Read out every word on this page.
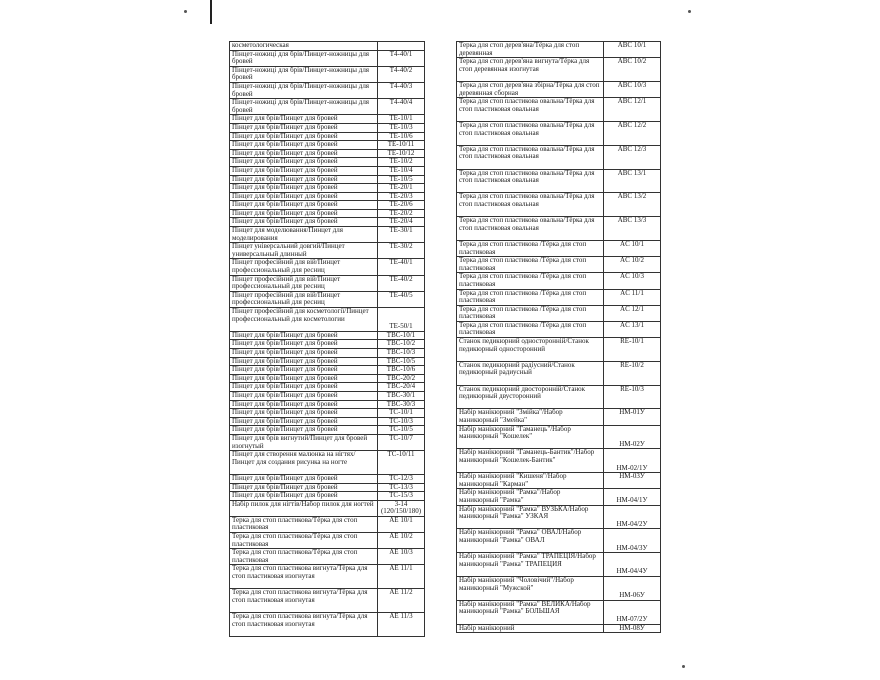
косметологическая	
Пінцет-ножиці для брів/Пинцет-ножницы для бровей	T4-40/1
Пінцет-ножиці для брів/Пинцет-ножницы для бровей	T4-40/2
Пінцет-ножиці для брів/Пинцет-ножницы для бровей	T4-40/3
Пінцет-ножиці для брів/Пинцет-ножницы для бровей	T4-40/4
Пінцет для брів/Пинцет для бровей	TE-10/1
Пінцет для брів/Пинцет для бровей	TE-10/3
Пінцет для брів/Пинцет для бровей	TE-10/6
Пінцет для брів/Пинцет для бровей	TE-10/11
Пінцет для брів/Пинцет для бровей	TE-10/12
Пінцет для брів/Пинцет для бровей	TE-10/2
Пінцет для брів/Пинцет для бровей	TE-10/4
Пінцет для брів/Пинцет для бровей	TE-10/5
Пінцет для брів/Пинцет для бровей	TE-20/1
Пінцет для брів/Пинцет для бровей	TE-20/3
Пінцет для брів/Пинцет для бровей	TE-20/6
Пінцет для брів/Пинцет для бровей	TE-20/2
Пінцет для брів/Пинцет для бровей	TE-20/4
Пінцет для моделювання/Пинцет для моделирования	TE-30/1
Пінцет універсальний довгий/Пинцет универсальный длинный	TE-30/2
Пінцет професійний для вій/Пинцет профессиональный для ресниц	TE-40/1
Пінцет професійний для вій/Пинцет профессиональный для ресниц	TE-40/2
Пінцет професійний для вій/Пинцет профессиональный для ресниц	TE-40/5
Пінцет професійний для косметології/Пинцет профессиональный для косметологии	TE-50/1
Пінцет для брів/Пинцет для бровей	TBC-10/1
Пінцет для брів/Пинцет для бровей	TBC-10/2
Пінцет для брів/Пинцет для бровей	TBC-10/3
Пінцет для брів/Пинцет для бровей	TBC-10/5
Пінцет для брів/Пинцет для бровей	TBC-10/6
Пінцет для брів/Пинцет для бровей	TBC-20/2
Пінцет для брів/Пинцет для бровей	TBC-20/4
Пінцет для брів/Пинцет для бровей	TBC-30/1
Пінцет для брів/Пинцет для бровей	TBC-30/3
Пінцет для брів/Пинцет для бровей	TC-10/1
Пінцет для брів/Пинцет для бровей	TC-10/3
Пінцет для брів/Пинцет для бровей	TC-10/5
Пінцет для брів вигнутий/Пинцет для бровей изогнутый	TC-10/7
Пінцет для створення малюнка на нігтях/Пинцет для создания рисунка на ногте	TC-10/11
Пінцет для брів/Пинцет для бровей	TC-12/3
Пінцет для брів/Пинцет для бровей	TC-13/3
Пінцет для брів/Пинцет для бровей	TC-15/3
Набір пилок для нігтів/Набор пилок для ногтей	3-14 (120/150/180)
Терка для стоп пластикова/Тёрка для стоп пластиковая	AE 10/1
Терка для стоп пластикова/Тёрка для стоп пластиковая	AE 10/2
Терка для стоп пластикова/Тёрка для стоп пластиковая	AE 10/3
Терка для стоп пластикова вигнута/Тёрка для стоп пластиковая изогнутая	AE 11/1
Терка для стоп пластикова вигнута/Тёрка для стоп пластиковая изогнутая	AE 11/2
Терка для стоп пластикова вигнута/Тёрка для стоп пластиковая изогнутая	AE 11/3
Терка для стоп дерев'яна/Тёрка для стоп деревянная	ABC 10/1
Терка для стоп дерев'яна вигнута/Тёрка для стоп деревянная изогнутая	ABC 10/2
Терка для стоп дерев'яна збірна/Тёрка для стоп деревянная сборная	ABC 10/3
Терка для стоп пластикова овальна/Тёрка для стоп пластиковая овальная	ABC 12/1
Терка для стоп пластикова овальна/Тёрка для стоп пластиковая овальная	ABC 12/2
Терка для стоп пластикова овальна/Тёрка для стоп пластиковая овальная	ABC 12/3
Терка для стоп пластикова овальна/Тёрка для стоп пластиковая овальная	ABC 13/1
Терка для стоп пластикова овальна/Тёрка для стоп пластиковая овальная	ABC 13/2
Терка для стоп пластикова овальна/Тёрка для стоп пластиковая овальная	ABC 13/3
Терка для стоп пластикова /Тёрка для стоп пластиковая	AC 10/1
Терка для стоп пластикова /Тёрка для стоп пластиковая	AC 10/2
Терка для стоп пластикова /Тёрка для стоп пластиковая	AC 10/3
Терка для стоп пластикова /Тёрка для стоп пластиковая	AC 11/1
Терка для стоп пластикова /Тёрка для стоп пластиковая	AC 12/1
Терка для стоп пластикова /Тёрка для стоп пластиковая	AC 13/1
Станок педикюрний односторонній/Станок педикюрный односторонний	RE-10/1
Станок педикюрний радіусний/Станок педикюрный радиусный	RE-10/2
Станок педикюрний двосторонній/Станок педикюрный двусторонний	RE-10/3
Набір манікюрний "Змійка"/Набор маникюрный "Змейка"	НМ-01У
Набір манікюрний "Гаманець"/Набор маникюрный "Кошелек"	НМ-02У
Набір манікюрний "Гаманець-Бантик"/Набор маникюрный "Кошелек-Бантик"	НМ-02/1У
Набір манікюрний "Кишеня"/Набор маникюрный "Карман"	НМ-03У
Набір манікюрний "Рамка"/Набор маникюрный "Рамка"	НМ-04/1У
Набір манікюрний "Рамка" ВУЗЬКА/Набор маникюрный "Рамка" УЗКАЯ	НМ-04/2У
Набір манікюрний "Рамка" ОВАЛ/Набор маникюрный "Рамка" ОВАЛ	НМ-04/3У
Набір манікюрний "Рамка" ТРАПЕЦІЯ/Набор маникюрный "Рамка" ТРАПЕЦИЯ	НМ-04/4У
Набір манікюрний "Чоловічий"/Набор маникюрный "Мужской"	НМ-06У
Набір манікюрний "Рамка" ВЕЛИКА/Набор маникюрный "Рамка" БОЛЬШАЯ	НМ-07/2У
Набір манікюрний	НМ-08У
